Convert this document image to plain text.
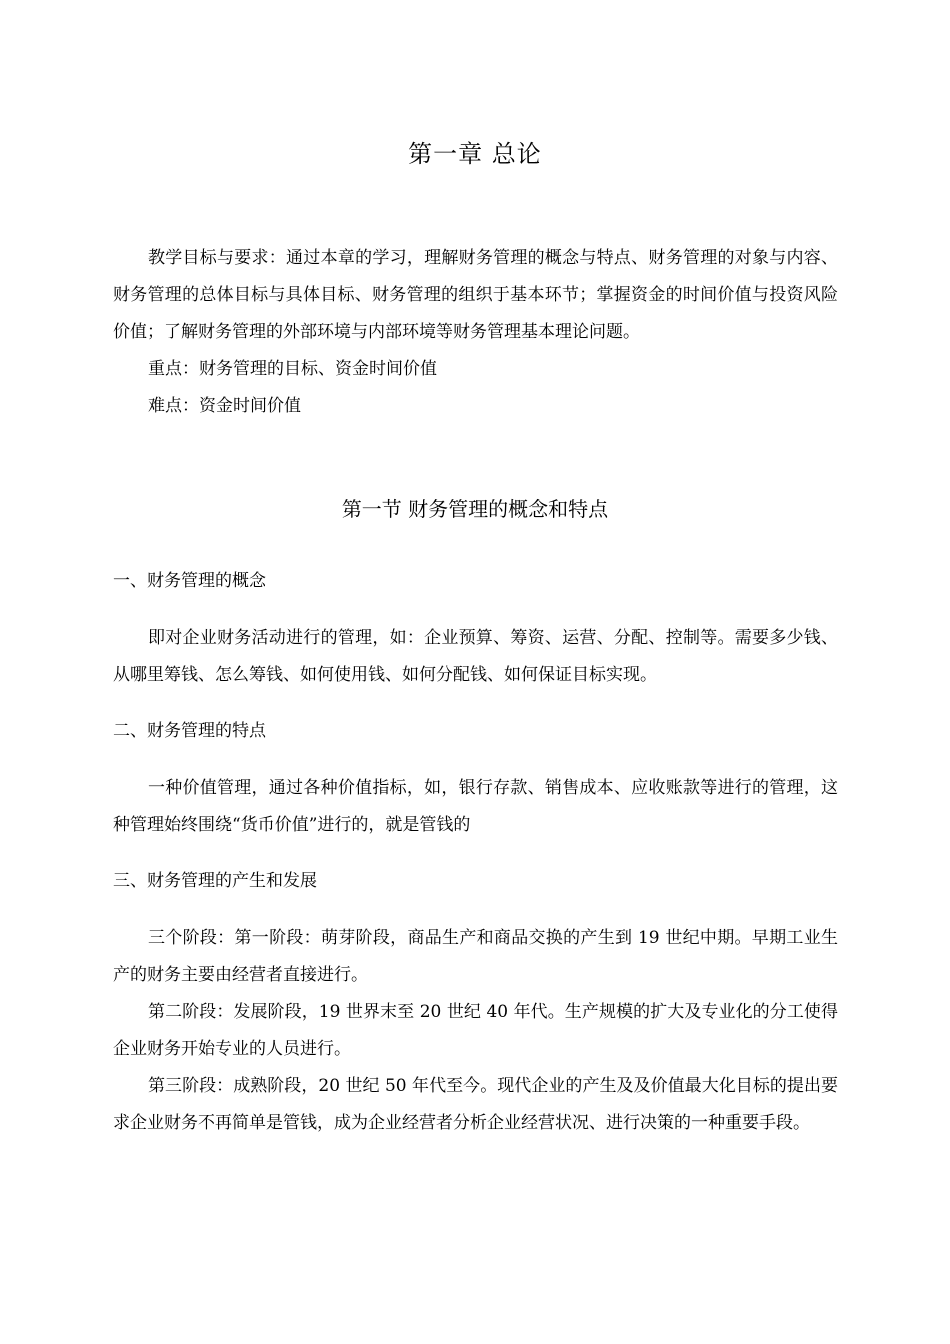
第一章 总论

教学目标与要求：通过本章的学习，理解财务管理的概念与特点、财务管理的对象与内容、财务管理的总体目标与具体目标、财务管理的组织于基本环节；掌握资金的时间价值与投资风险价值；了解财务管理的外部环境与内部环境等财务管理基本理论问题。

重点：财务管理的目标、资金时间价值

难点：资金时间价值

第一节 财务管理的概念和特点
一、财务管理的概念

即对企业财务活动进行的管理，如：企业预算、筹资、运营、分配、控制等。需要多少钱、从哪里筹钱、怎么筹钱、如何使用钱、如何分配钱、如何保证目标实现。

二、财务管理的特点

一种价值管理，通过各种价值指标，如，银行存款、销售成本、应收账款等进行的管理，这种管理始终围绕“货币价值”进行的，就是管钱的

三、财务管理的产生和发展

三个阶段：第一阶段：萌芽阶段，商品生产和商品交换的产生到 19 世纪中期。早期工业生产的财务主要由经营者直接进行。

第二阶段：发展阶段，19 世界末至 20 世纪 40 年代。生产规模的扩大及专业化的分工使得企业财务开始专业的人员进行。

第三阶段：成熟阶段，20 世纪 50 年代至今。现代企业的产生及及价值最大化目标的提出要求企业财务不再简单是管钱，成为企业经营者分析企业经营状况、进行决策的一种重要手段。
